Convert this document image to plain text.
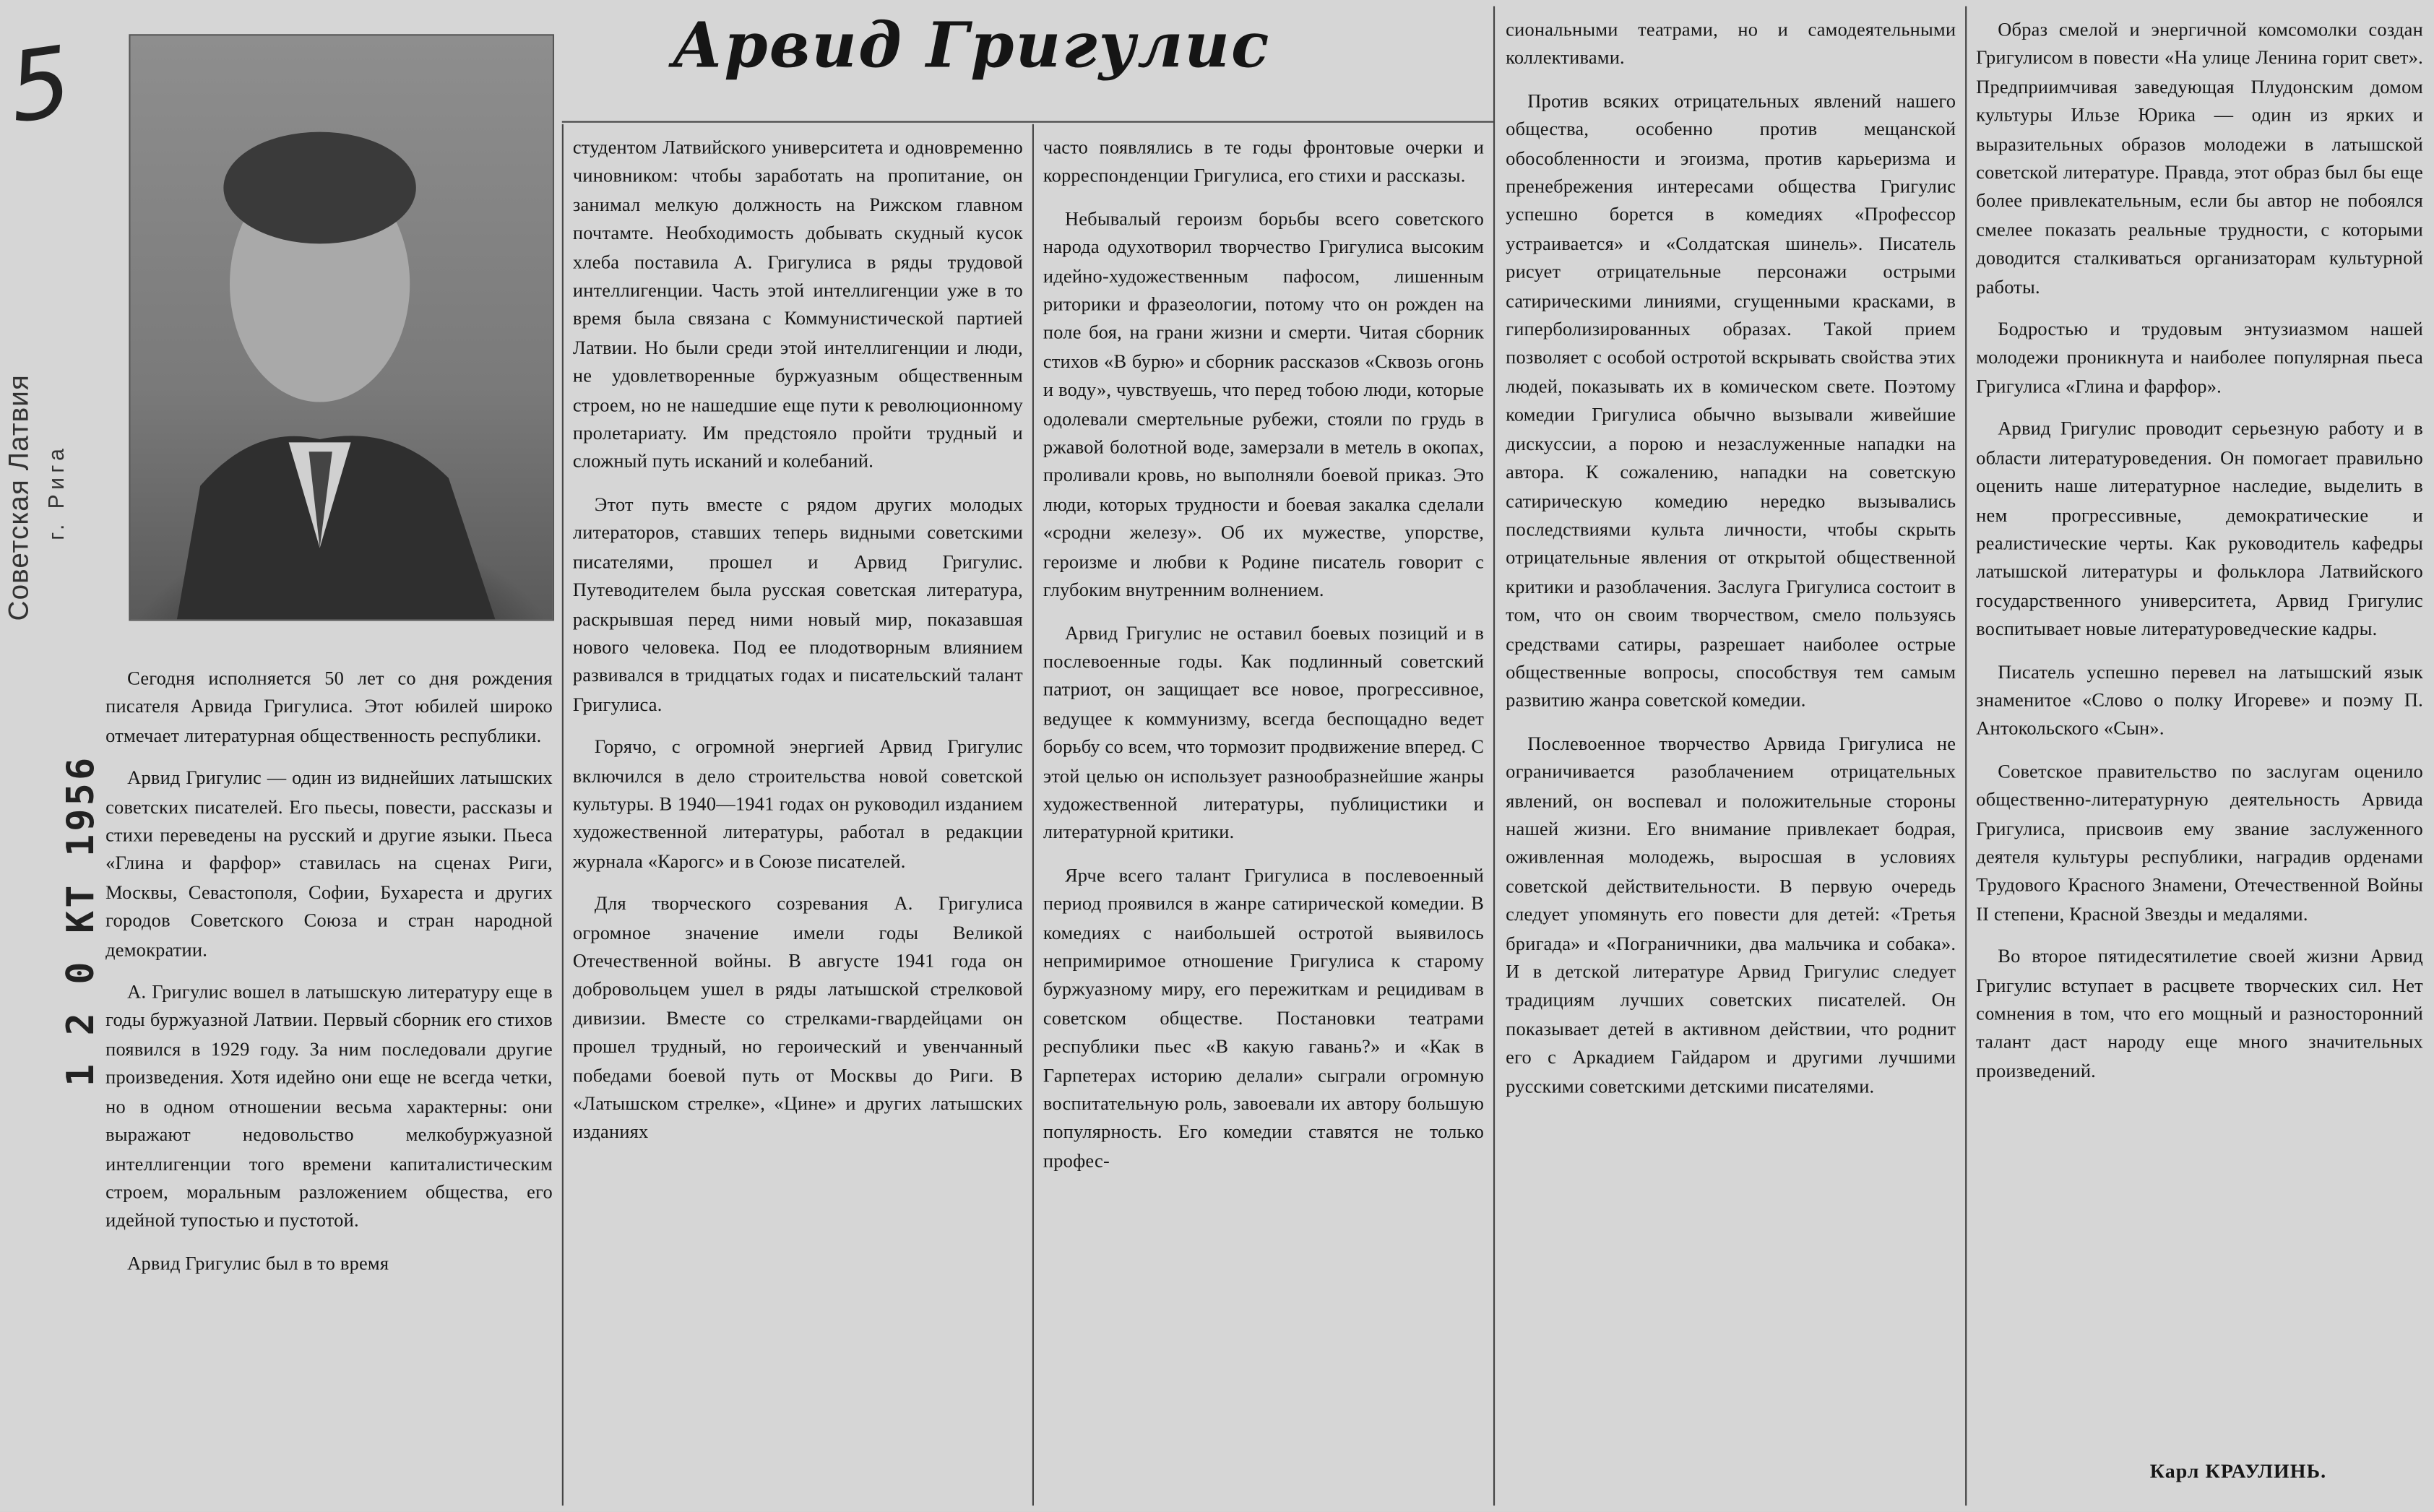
5
Советская Латвия г. Рига
1 2 0 КТ 1956
Арвид Григулис

Сегодня исполняется 50 лет со дня рождения писателя Арвида Григулиса. Этот юбилей широко отмечает литературная общественность республики.

Арвид Григулис — один из виднейших латышских советских писателей. Его пьесы, повести, рассказы и стихи переведены на русский и другие языки. Пьеса «Глина и фарфор» ставилась на сценах Риги, Москвы, Севастополя, Софии, Бухареста и других городов Советского Союза и стран народной демократии.

А. Григулис вошел в латышскую литературу еще в годы буржуазной Латвии. Первый сборник его стихов появился в 1929 году. За ним последовали другие произведения. Хотя идейно они еще не всегда четки, но в одном отношении весьма характерны: они выражают недовольство мелкобуржуазной интеллигенции того времени капиталистическим строем, моральным разложением общества, его идейной тупостью и пустотой.

Арвид Григулис был в то время

студентом Латвийского университета и одновременно чиновником: чтобы заработать на пропитание, он занимал мелкую должность на Рижском главном почтамте. Необходимость добывать скудный кусок хлеба поставила А. Григулиса в ряды трудовой интеллигенции. Часть этой интеллигенции уже в то время была связана с Коммунистической партией Латвии. Но были среди этой интеллигенции и люди, не удовлетворенные буржуазным общественным строем, но не нашедшие еще пути к революционному пролетариату. Им предстояло пройти трудный и сложный путь исканий и колебаний.

Этот путь вместе с рядом других молодых литераторов, ставших теперь видными советскими писателями, прошел и Арвид Григулис. Путеводителем была русская советская литература, раскрывшая перед ними новый мир, показавшая нового человека. Под ее плодотворным влиянием развивался в тридцатых годах и писательский талант Григулиса.

Горячо, с огромной энергией Арвид Григулис включился в дело строительства новой советской культуры. В 1940—1941 годах он руководил изданием художественной литературы, работал в редакции журнала «Карогс» и в Союзе писателей.

Для творческого созревания А. Григулиса огромное значение имели годы Великой Отечественной войны. В августе 1941 года он добровольцем ушел в ряды латышской стрелковой дивизии. Вместе со стрелками-гвардейцами он прошел трудный, но героический и увенчанный победами боевой путь от Москвы до Риги. В «Латышском стрелке», «Цине» и других латышских изданиях

часто появлялись в те годы фронтовые очерки и корреспонденции Григулиса, его стихи и рассказы.

Небывалый героизм борьбы всего советского народа одухотворил творчество Григулиса высоким идейно-художественным пафосом, лишенным риторики и фразеологии, потому что он рожден на поле боя, на грани жизни и смерти. Читая сборник стихов «В бурю» и сборник рассказов «Сквозь огонь и воду», чувствуешь, что перед тобою люди, которые одолевали смертельные рубежи, стояли по грудь в ржавой болотной воде, замерзали в метель в окопах, проливали кровь, но выполняли боевой приказ. Это люди, которых трудности и боевая закалка сделали «сродни железу». Об их мужестве, упорстве, героизме и любви к Родине писатель говорит с глубоким внутренним волнением.

Арвид Григулис не оставил боевых позиций и в послевоенные годы. Как подлинный советский патриот, он защищает все новое, прогрессивное, ведущее к коммунизму, всегда беспощадно ведет борьбу со всем, что тормозит продвижение вперед. С этой целью он использует разнообразнейшие жанры художественной литературы, публицистики и литературной критики.

Ярче всего талант Григулиса в послевоенный период проявился в жанре сатирической комедии. В комедиях с наибольшей остротой выявилось непримиримое отношение Григулиса к старому буржуазному миру, его пережиткам и рецидивам в советском обществе. Постановки театрами республики пьес «В какую гавань?» и «Как в Гарпетерах историю делали» сыграли огромную воспитательную роль, завоевали их автору большую популярность. Его комедии ставятся не только профес-

сиональными театрами, но и самодеятельными коллективами.

Против всяких отрицательных явлений нашего общества, особенно против мещанской обособленности и эгоизма, против карьеризма и пренебрежения интересами общества Григулис успешно борется в комедиях «Профессор устраивается» и «Солдатская шинель». Писатель рисует отрицательные персонажи острыми сатирическими линиями, сгущенными красками, в гиперболизированных образах. Такой прием позволяет с особой остротой вскрывать свойства этих людей, показывать их в комическом свете. Поэтому комедии Григулиса обычно вызывали живейшие дискуссии, а порою и незаслуженные нападки на автора. К сожалению, нападки на советскую сатирическую комедию нередко вызывались последствиями культа личности, чтобы скрыть отрицательные явления от открытой общественной критики и разоблачения. Заслуга Григулиса состоит в том, что он своим творчеством, смело пользуясь средствами сатиры, разрешает наиболее острые общественные вопросы, способствуя тем самым развитию жанра советской комедии.

Послевоенное творчество Арвида Григулиса не ограничивается разоблачением отрицательных явлений, он воспевал и положительные стороны нашей жизни. Его внимание привлекает бодрая, оживленная молодежь, выросшая в условиях советской действительности. В первую очередь следует упомянуть его повести для детей: «Третья бригада» и «Пограничники, два мальчика и собака». И в детской литературе Арвид Григулис следует традициям лучших советских писателей. Он показывает детей в активном действии, что роднит его с Аркадием Гайдаром и другими лучшими русскими советскими детскими писателями.

Образ смелой и энергичной комсомолки создан Григулисом в повести «На улице Ленина горит свет». Предприимчивая заведующая Плудонским домом культуры Ильзе Юрика — один из ярких и выразительных образов молодежи в латышской советской литературе. Правда, этот образ был бы еще более привлекательным, если бы автор не побоялся смелее показать реальные трудности, с которыми доводится сталкиваться организаторам культурной работы.

Бодростью и трудовым энтузиазмом нашей молодежи проникнута и наиболее популярная пьеса Григулиса «Глина и фарфор».

Арвид Григулис проводит серьезную работу и в области литературоведения. Он помогает правильно оценить наше литературное наследие, выделить в нем прогрессивные, демократические и реалистические черты. Как руководитель кафедры латышской литературы и фольклора Латвийского государственного университета, Арвид Григулис воспитывает новые литературоведческие кадры.

Писатель успешно перевел на латышский язык знаменитое «Слово о полку Игореве» и поэму П. Антокольского «Сын».

Советское правительство по заслугам оценило общественно-литературную деятельность Арвида Григулиса, присвоив ему звание заслуженного деятеля культуры республики, наградив орденами Трудового Красного Знамени, Отечественной Войны II степени, Красной Звезды и медалями.

Во второе пятидесятилетие своей жизни Арвид Григулис вступает в расцвете творческих сил. Нет сомнения в том, что его мощный и разносторонний талант даст народу еще много значительных произведений.

Карл КРАУЛИНЬ.
